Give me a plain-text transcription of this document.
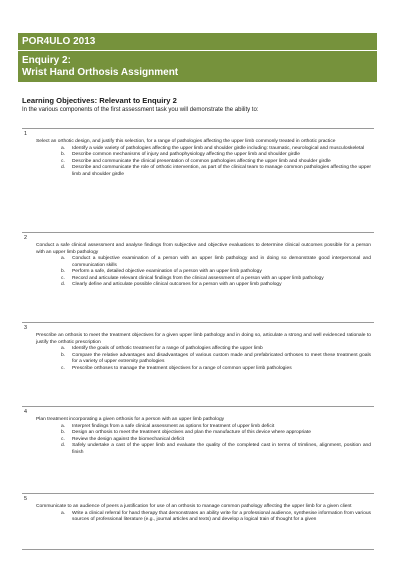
POR4ULO 2013
Enquiry 2:
Wrist Hand Orthosis Assignment
Learning Objectives: Relevant to Enquiry 2
In the various components of the first assessment task you will demonstrate the ability to:
1

Select an orthotic design, and justify this selection, for a range of pathologies affecting the upper limb commonly treated in orthotic practice

a. Identify a wide variety of pathologies affecting the upper limb and shoulder girdle including: traumatic, neurological and musculoskeletal
b. Describe common mechanisms of injury and pathophysiology affecting the upper limb and shoulder girdle
c. Describe and communicate the clinical presentation of common pathologies affecting the upper limb and shoulder girdle
d. Describe and communicate the role of orthotic intervention, as part of the clinical team to manage common pathologies affecting the upper limb and shoulder girdle
2

Conduct a safe clinical assessment and analyse findings from subjective and objective evaluations to determine clinical outcomes possible for a person with an upper limb pathology

a. Conduct a subjective examination of a person with an upper limb pathology and in doing so demonstrate good interpersonal and communication skills
b. Perform a safe, detailed objective examination of a person with an upper limb pathology
c. Record and articulate relevant clinical findings from the clinical assessment of a person with an upper limb pathology
d. Clearly define and articulate possible clinical outcomes for a person with an upper limb pathology
3

Prescribe an orthosis to meet the treatment objectives for a given upper limb pathology and in doing so, articulate a strong and well evidenced rationale to justify the orthotic prescription

a. Identify the goals of orthotic treatment for a range of pathologies affecting the upper limb
b. Compare the relative advantages and disadvantages of various custom made and prefabricated orthoses to meet these treatment goals for a variety of upper extremity pathologies
c. Prescribe orthoses to manage the treatment objectives for a range of common upper limb pathologies
4

Plan treatment incorporating a given orthosis for a person with an upper limb pathology

a. Interpret findings from a safe clinical assessment as options for treatment of upper limb deficit
b. Design an orthosis to meet the treatment objectives and plan the manufacture of this device where appropriate
c. Review the design against the biomechanical deficit
d. Safely undertake a cast of the upper limb and evaluate the quality of the completed cast in terms of trimlines, alignment, position and finish
5

Communicate to an audience of peers a justification for use of an orthosis to manage common pathology affecting the upper limb for a given client

a. Write a clinical referral for hand therapy that demonstrates an ability write for a professional audience, synthesise information from various sources of professional literature (e.g., journal articles and texts) and develop a logical train of thought for a given
